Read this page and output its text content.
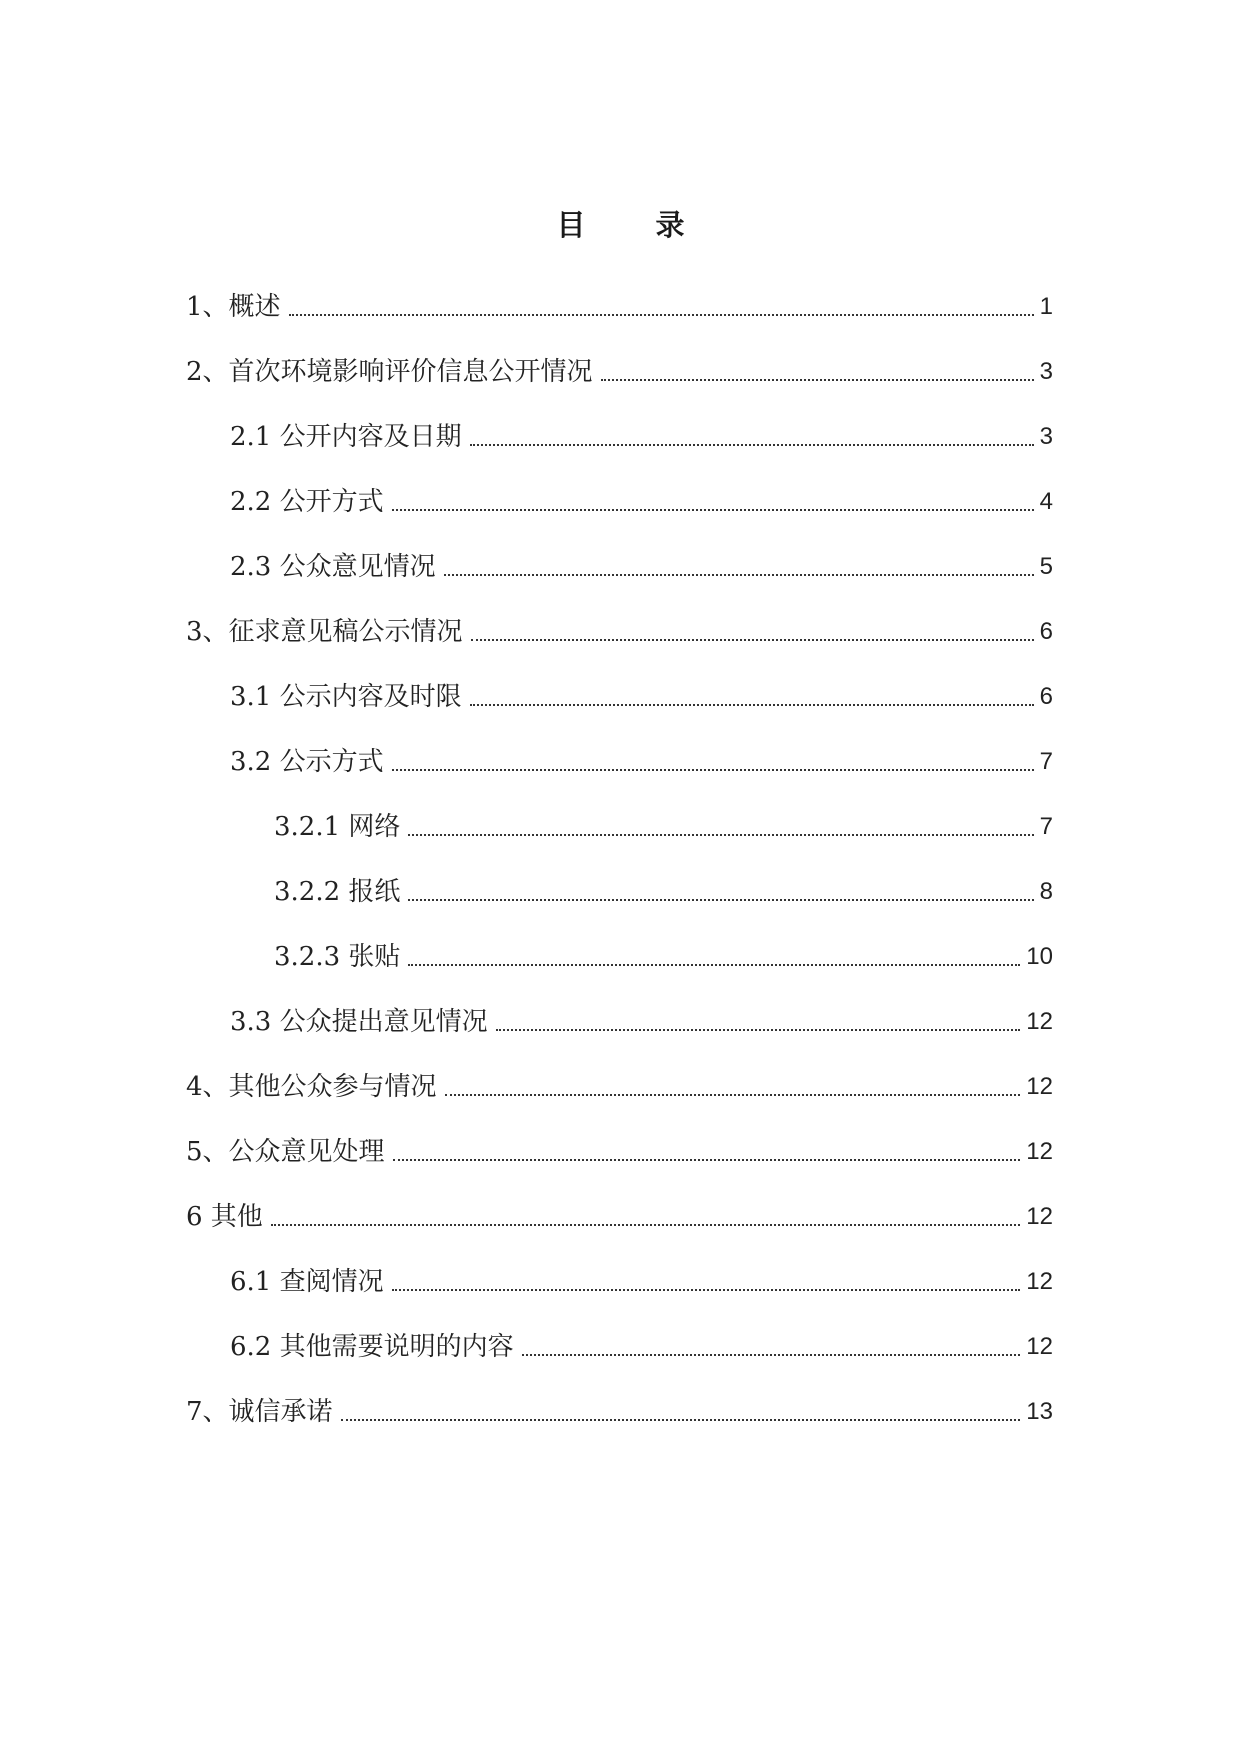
目 录
1、概述	1
2、首次环境影响评价信息公开情况	3
2.1 公开内容及日期	3
2.2 公开方式	4
2.3 公众意见情况	5
3、征求意见稿公示情况	6
3.1 公示内容及时限	6
3.2 公示方式	7
3.2.1 网络	7
3.2.2 报纸	8
3.2.3 张贴	10
3.3 公众提出意见情况	12
4、其他公众参与情况	12
5、公众意见处理	12
6 其他	12
6.1 查阅情况	12
6.2 其他需要说明的内容	12
7、诚信承诺	13
